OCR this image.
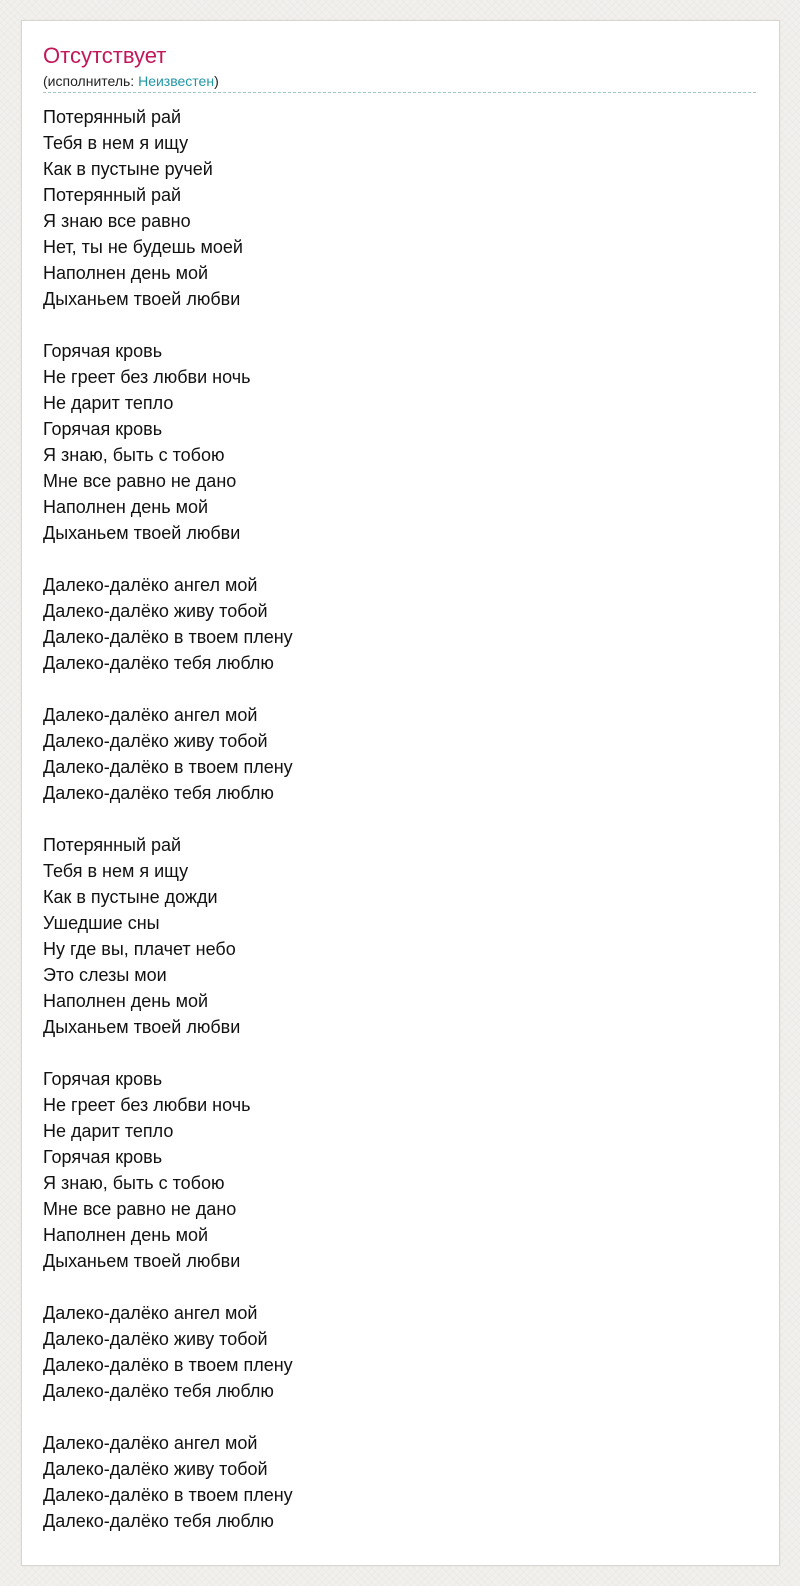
Отсутствует
(исполнитель: Неизвестен)
Потерянный рай
Тебя в нем я ищу
Как в пустыне ручей
Потерянный рай
Я знаю все равно
Нет, ты не будешь моей
Наполнен день мой
Дыханьем твоей любви
Горячая кровь
Не греет без любви ночь
Не дарит тепло
Горячая кровь
Я знаю, быть с тобою
Мне все равно не дано
Наполнен день мой
Дыханьем твоей любви
Далеко-далёко ангел мой
Далеко-далёко живу тобой
Далеко-далёко в твоем плену
Далеко-далёко тебя люблю
Далеко-далёко ангел мой
Далеко-далёко живу тобой
Далеко-далёко в твоем плену
Далеко-далёко тебя люблю
Потерянный рай
Тебя в нем я ищу
Как в пустыне дожди
Ушедшие сны
Ну где вы, плачет небо
Это слезы мои
Наполнен день мой
Дыханьем твоей любви
Горячая кровь
Не греет без любви ночь
Не дарит тепло
Горячая кровь
Я знаю, быть с тобою
Мне все равно не дано
Наполнен день мой
Дыханьем твоей любви
Далеко-далёко ангел мой
Далеко-далёко живу тобой
Далеко-далёко в твоем плену
Далеко-далёко тебя люблю
Далеко-далёко ангел мой
Далеко-далёко живу тобой
Далеко-далёко в твоем плену
Далеко-далёко тебя люблю
